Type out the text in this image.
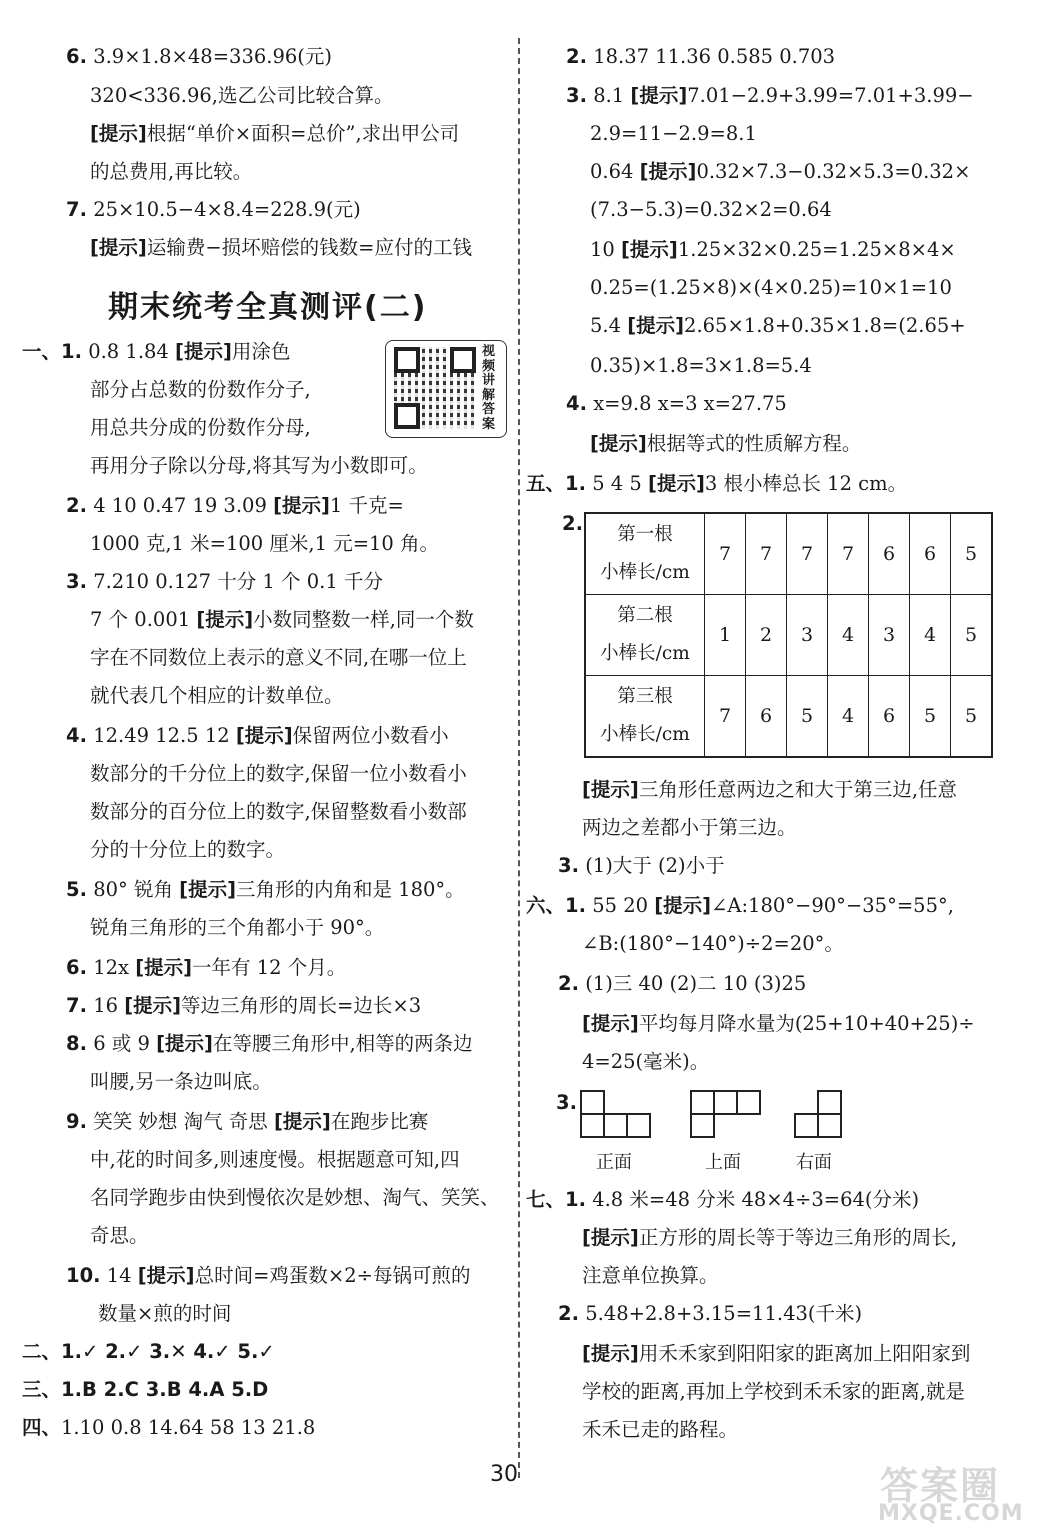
6. 3.9×1.8×48=336.96(元)
320<336.96,选乙公司比较合算。
[提示]根据“单价×面积=总价”,求出甲公司
的总费用,再比较。
7. 25×10.5−4×8.4=228.9(元)
[提示]运输费−损坏赔偿的钱数=应付的工钱
期末统考全真测评(二)
视频讲解答案
一、1. 0.8 1.84 [提示]用涂色
部分占总数的份数作分子,
用总共分成的份数作分母,
再用分子除以分母,将其写为小数即可。
2. 4 10 0.47 19 3.09 [提示]1 千克=
1000 克,1 米=100 厘米,1 元=10 角。
3. 7.210 0.127 十分 1 个 0.1 千分
7 个 0.001 [提示]小数同整数一样,同一个数
字在不同数位上表示的意义不同,在哪一位上
就代表几个相应的计数单位。
4. 12.49 12.5 12 [提示]保留两位小数看小
数部分的千分位上的数字,保留一位小数看小
数部分的百分位上的数字,保留整数看小数部
分的十分位上的数字。
5. 80° 锐角 [提示]三角形的内角和是 180°。
锐角三角形的三个角都小于 90°。
6. 12x [提示]一年有 12 个月。
7. 16 [提示]等边三角形的周长=边长×3
8. 6 或 9 [提示]在等腰三角形中,相等的两条边
叫腰,另一条边叫底。
9. 笑笑 妙想 淘气 奇思 [提示]在跑步比赛
中,花的时间多,则速度慢。根据题意可知,四
名同学跑步由快到慢依次是妙想、淘气、笑笑、
奇思。
10. 14 [提示]总时间=鸡蛋数×2÷每锅可煎的
数量×煎的时间
二、1.✓ 2.✓ 3.✕ 4.✓ 5.✓
三、1.B 2.C 3.B 4.A 5.D
四、1.10 0.8 14.64 58 13 21.8
2. 18.37 11.36 0.585 0.703
3. 8.1 [提示]7.01−2.9+3.99=7.01+3.99−
2.9=11−2.9=8.1
0.64 [提示]0.32×7.3−0.32×5.3=0.32×
(7.3−5.3)=0.32×2=0.64
10 [提示]1.25×32×0.25=1.25×8×4×
0.25=(1.25×8)×(4×0.25)=10×1=10
5.4 [提示]2.65×1.8+0.35×1.8=(2.65+
0.35)×1.8=3×1.8=5.4
4. x=9.8 x=3 x=27.75
[提示]根据等式的性质解方程。
五、1. 5 4 5 [提示]3 根小棒总长 12 cm。
2. 第一根
小棒长/cm	7	7	7	7	6	6	5
第二根
小棒长/cm	1	2	3	4	3	4	5
第三根
小棒长/cm	7	6	5	4	6	5	5
[提示]三角形任意两边之和大于第三边,任意
两边之差都小于第三边。
3. (1)大于 (2)小于
六、1. 55 20 [提示]∠A:180°−90°−35°=55°,
∠B:(180°−140°)÷2=20°。
2. (1)三 40 (2)二 10 (3)25
[提示]平均每月降水量为(25+10+40+25)÷
4=25(毫米)。
3.
正面	上面	右面
七、1. 4.8 米=48 分米 48×4÷3=64(分米)
[提示]正方形的周长等于等边三角形的周长,
注意单位换算。
2. 5.48+2.8+3.15=11.43(千米)
[提示]用禾禾家到阳阳家的距离加上阳阳家到
学校的距离,再加上学校到禾禾家的距离,就是
禾禾已走的路程。
30	答案圈
MXQE.COM
